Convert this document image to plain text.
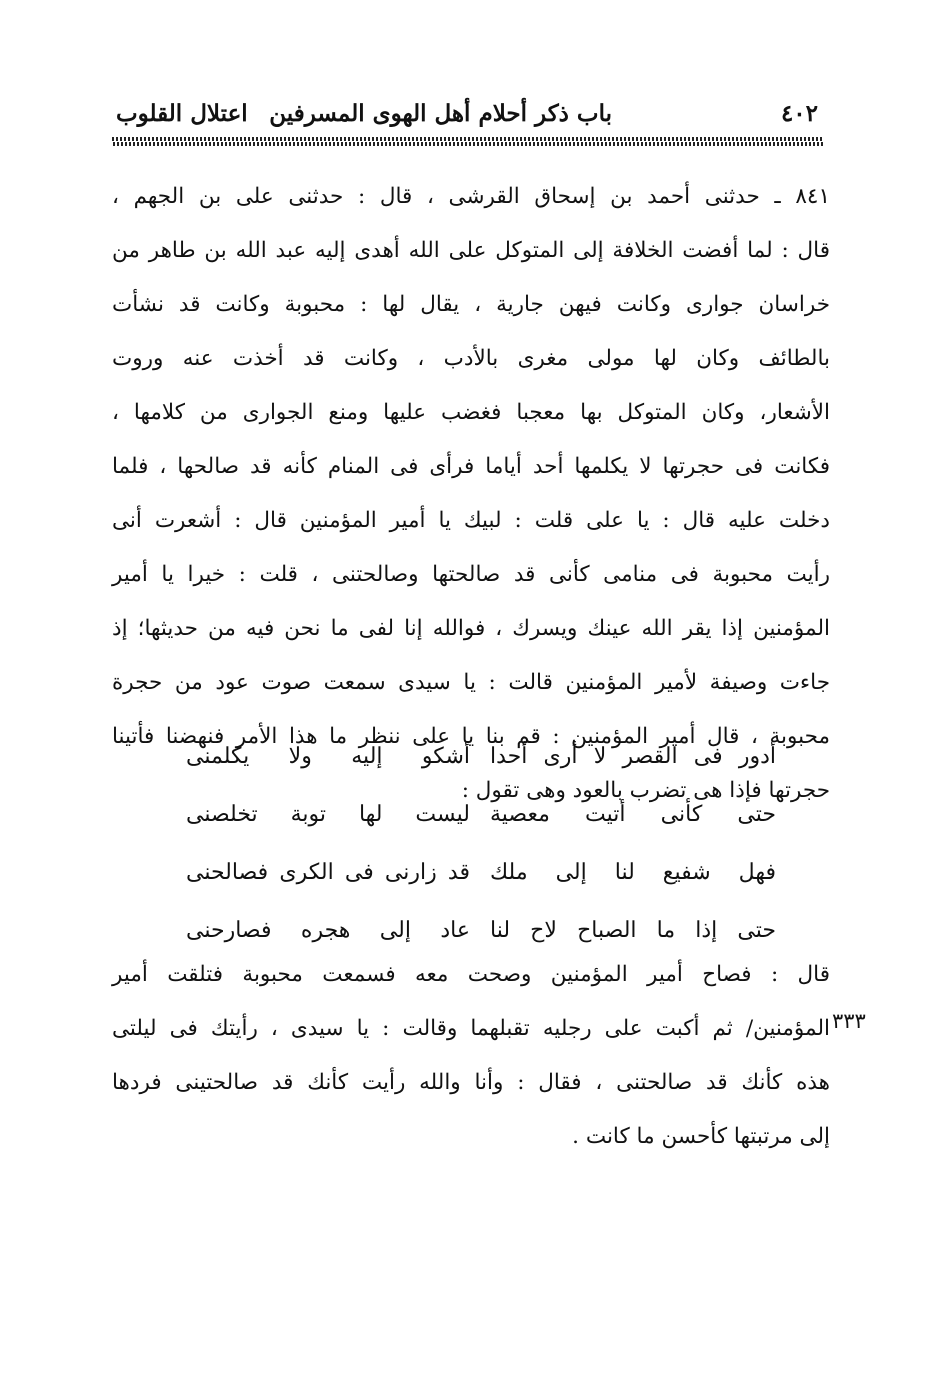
٤٠٢
باب ذكر أحلام أهل الهوى المسرفين
اعتلال القلوب
٨٤١ ـ حدثنى أحمد بن إسحاق القرشى ، قال : حدثنى على بن الجهم ،
قال : لما أفضت الخلافة إلى المتوكل على الله أهدى إليه عبد الله بن طاهر من
خراسان جوارى وكانت فيهن جارية ، يقال لها : محبوبة وكانت قد نشأت
بالطائف وكان لها مولى مغرى بالأدب ، وكانت قد أخذت عنه وروت
الأشعار، وكان المتوكل بها معجبا فغضب عليها ومنع الجوارى من كلامها ،
فكانت فى حجرتها لا يكلمها أحد أياما فرأى فى المنام كأنه قد صالحها ، فلما
دخلت عليه قال : يا على قلت : لبيك يا أمير المؤمنين قال : أشعرت أنى
رأيت محبوبة فى منامى كأنى قد صالحتها وصالحتنى ، قلت : خيرا يا أمير
المؤمنين إذا يقر الله عينك ويسرك ، فوالله إنا لفى ما نحن فيه من حديثها؛ إذ
جاءت وصيفة لأمير المؤمنين قالت : يا سيدى سمعت صوت عود من حجرة
محبوبة ، قال أمير المؤمنين : قم بنا يا على ننظر ما هذا الأمر فنهضنا فأتينا
حجرتها فإذا هى تضرب بالعود وهى تقول :
أدور فى القصر لا أرى أحدا
أشكو إليه ولا يكلمنى
حتى كأنى أتيت معصية
ليست لها توبة تخلصنى
فهل شفيع لنا إلى ملك
قد زارنى فى الكرى فصالحنى
حتى إذا ما الصباح لاح لنا
عاد إلى هجره فصارحنى
قال : فصاح أمير المؤمنين وصحت معه فسمعت محبوبة فتلقت أمير
المؤمنين/ ثم أكبت على رجليه تقبلهما وقالت : يا سيدى ، رأيتك فى ليلتى
هذه كأنك قد صالحتنى ، فقال : وأنا والله رأيت كأنك قد صالحتينى فردها
إلى مرتبتها كأحسن ما كانت .
٣٣٣
